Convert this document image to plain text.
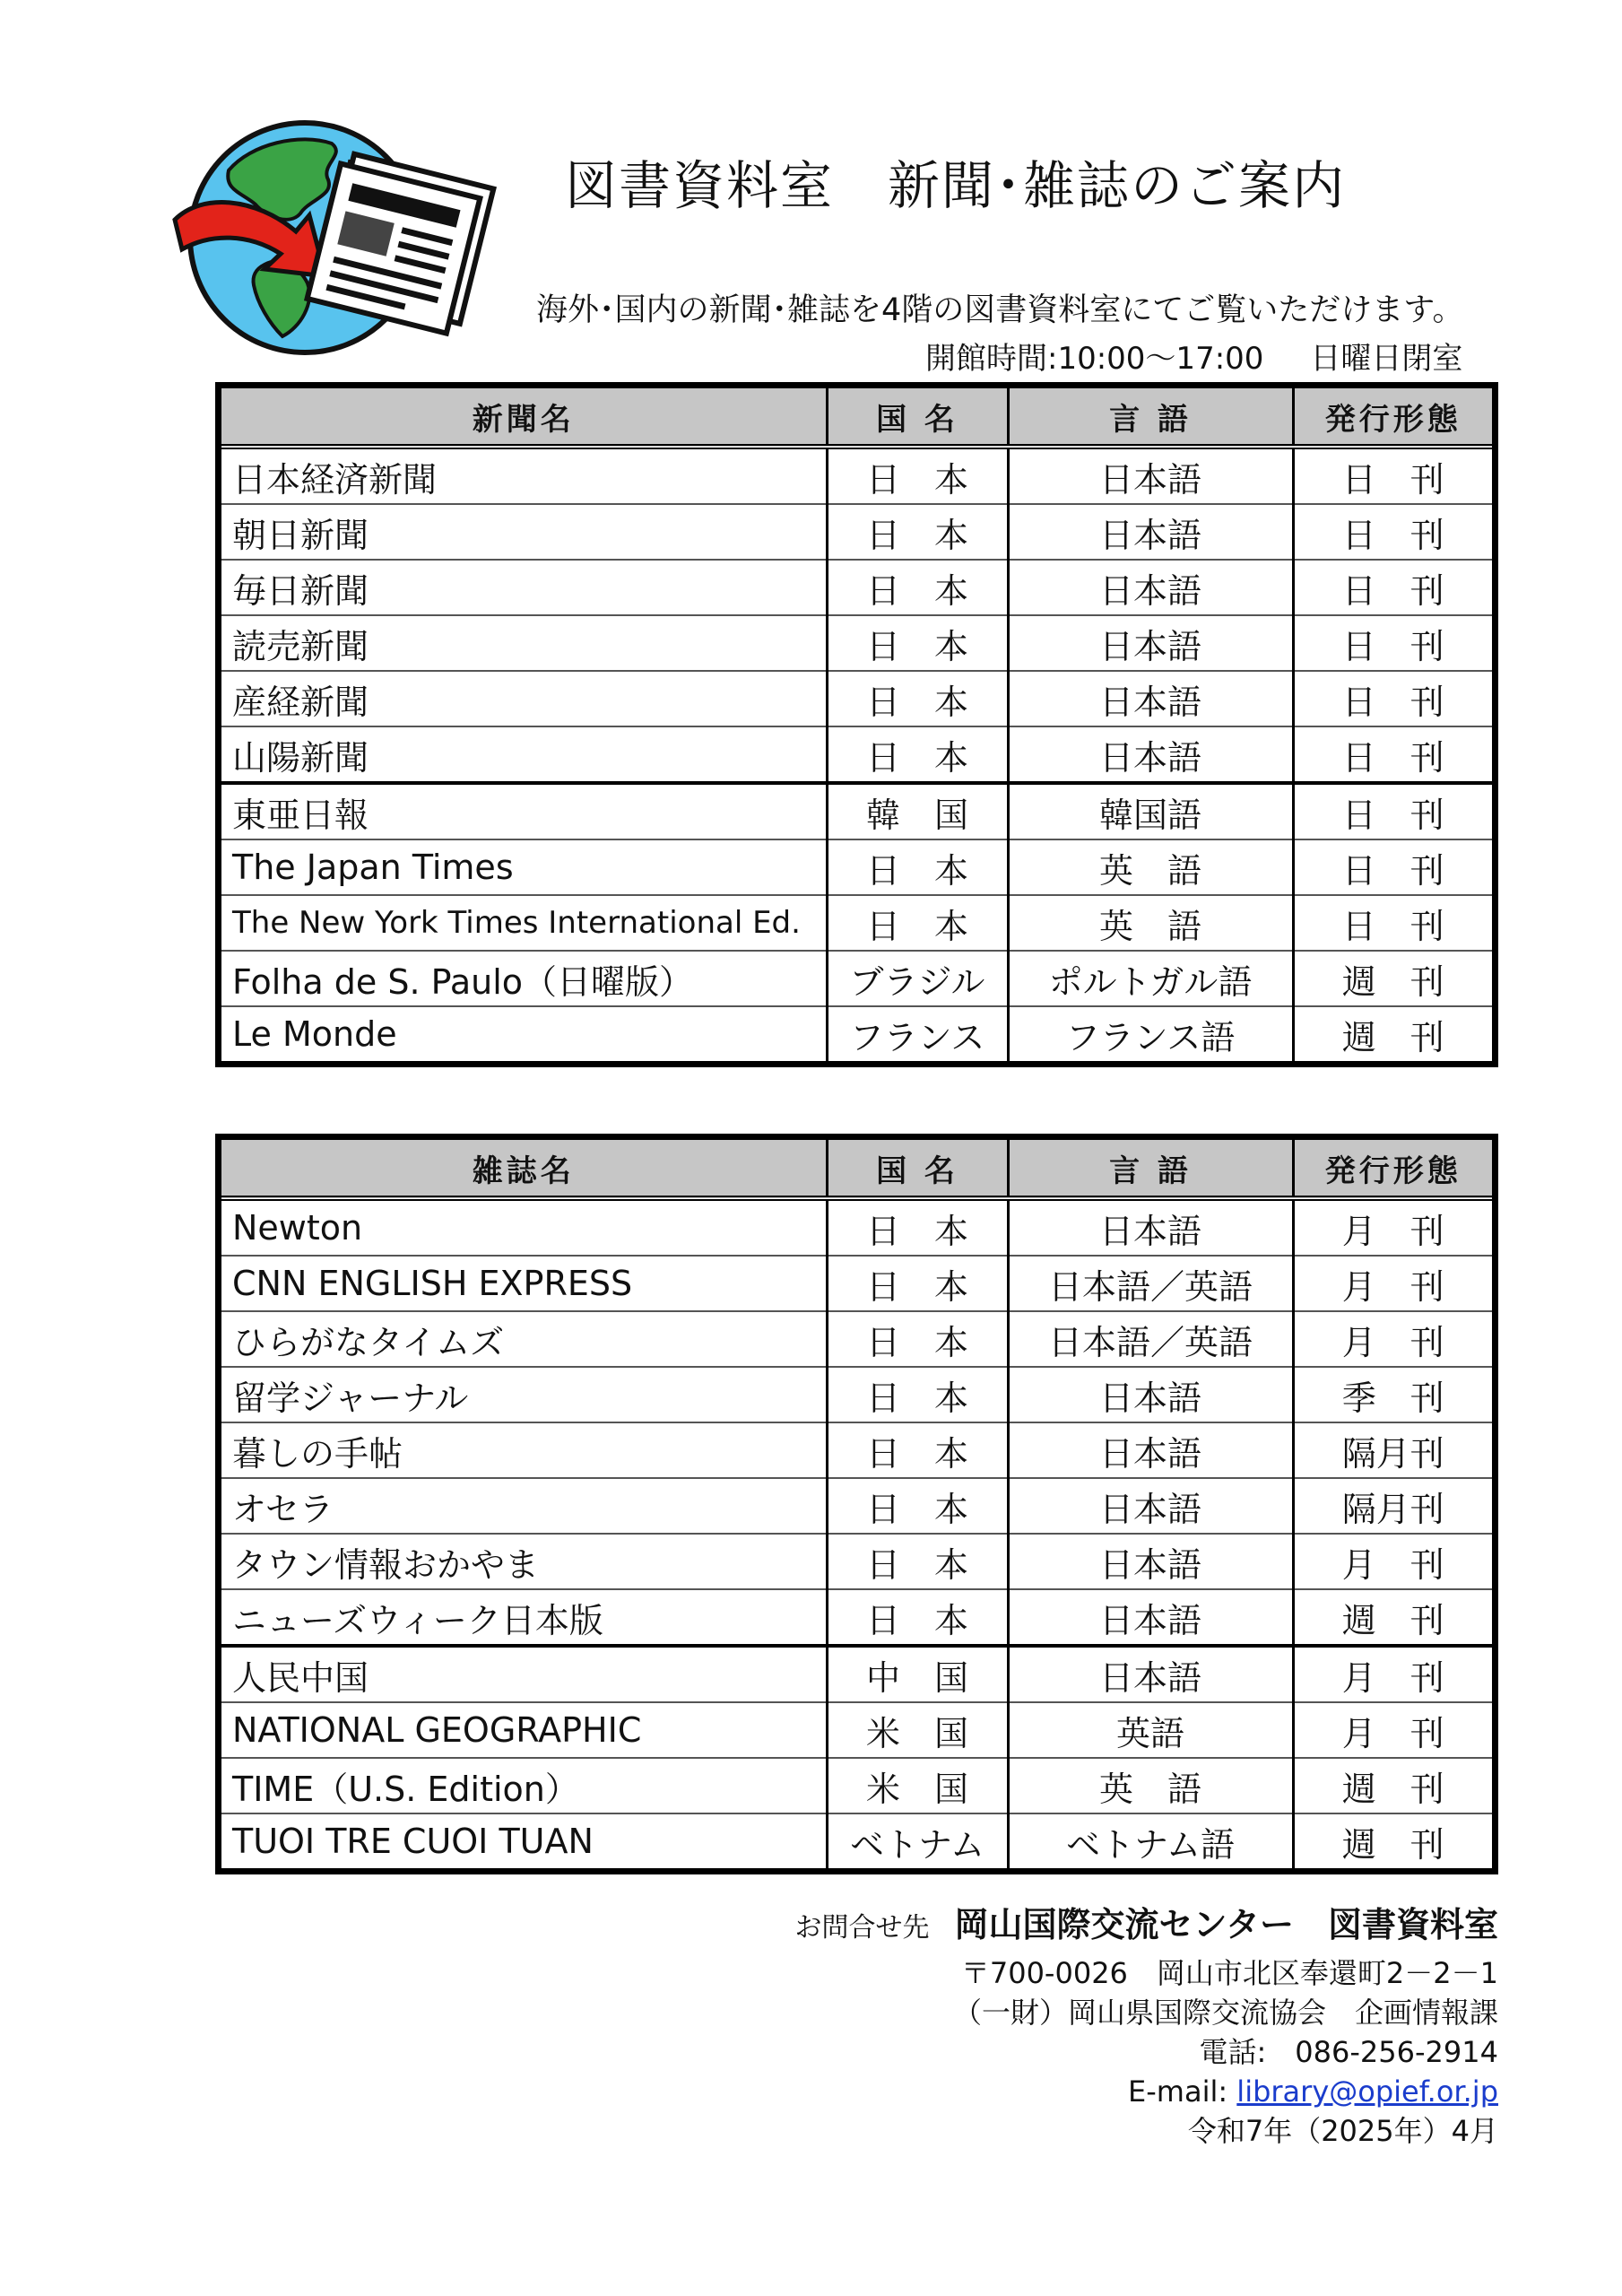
図書資料室　新聞･雑誌のご案内
海外･国内の新聞･雑誌を4階の図書資料室にてご覧いただけます。
開館時間:10:00～17:00 日曜日閉室
新聞名	国 名	言 語	発行形態
日本経済新聞	日　本	日本語	日　刊
朝日新聞	日　本	日本語	日　刊
毎日新聞	日　本	日本語	日　刊
読売新聞	日　本	日本語	日　刊
産経新聞	日　本	日本語	日　刊
山陽新聞	日　本	日本語	日　刊
東亜日報	韓　国	韓国語	日　刊
The Japan Times	日　本	英　語	日　刊
The New York Times International Ed.	日　本	英　語	日　刊
Folha de S. Paulo（日曜版）	ブラジル	ポルトガル語	週　刊
Le Monde	フランス	フランス語	週　刊
雑誌名	国 名	言 語	発行形態
Newton	日　本	日本語	月　刊
CNN ENGLISH EXPRESS	日　本	日本語／英語	月　刊
ひらがなタイムズ	日　本	日本語／英語	月　刊
留学ジャーナル	日　本	日本語	季　刊
暮しの手帖	日　本	日本語	隔月刊
オセラ	日　本	日本語	隔月刊
タウン情報おかやま	日　本	日本語	月　刊
ニューズウィーク日本版	日　本	日本語	週　刊
人民中国	中　国	日本語	月　刊
NATIONAL GEOGRAPHIC	米　国	英語	月　刊
TIME（U.S. Edition）	米　国	英　語	週　刊
TUOI TRE CUOI TUAN	ベトナム	ベトナム語	週　刊
お問合せ先 岡山国際交流センター　図書資料室
〒700-0026　岡山市北区奉還町2－2－1
（一財）岡山県国際交流協会　企画情報課
電話:　086-256-2914
E-mail: library@opief.or.jp
令和7年（2025年）4月
